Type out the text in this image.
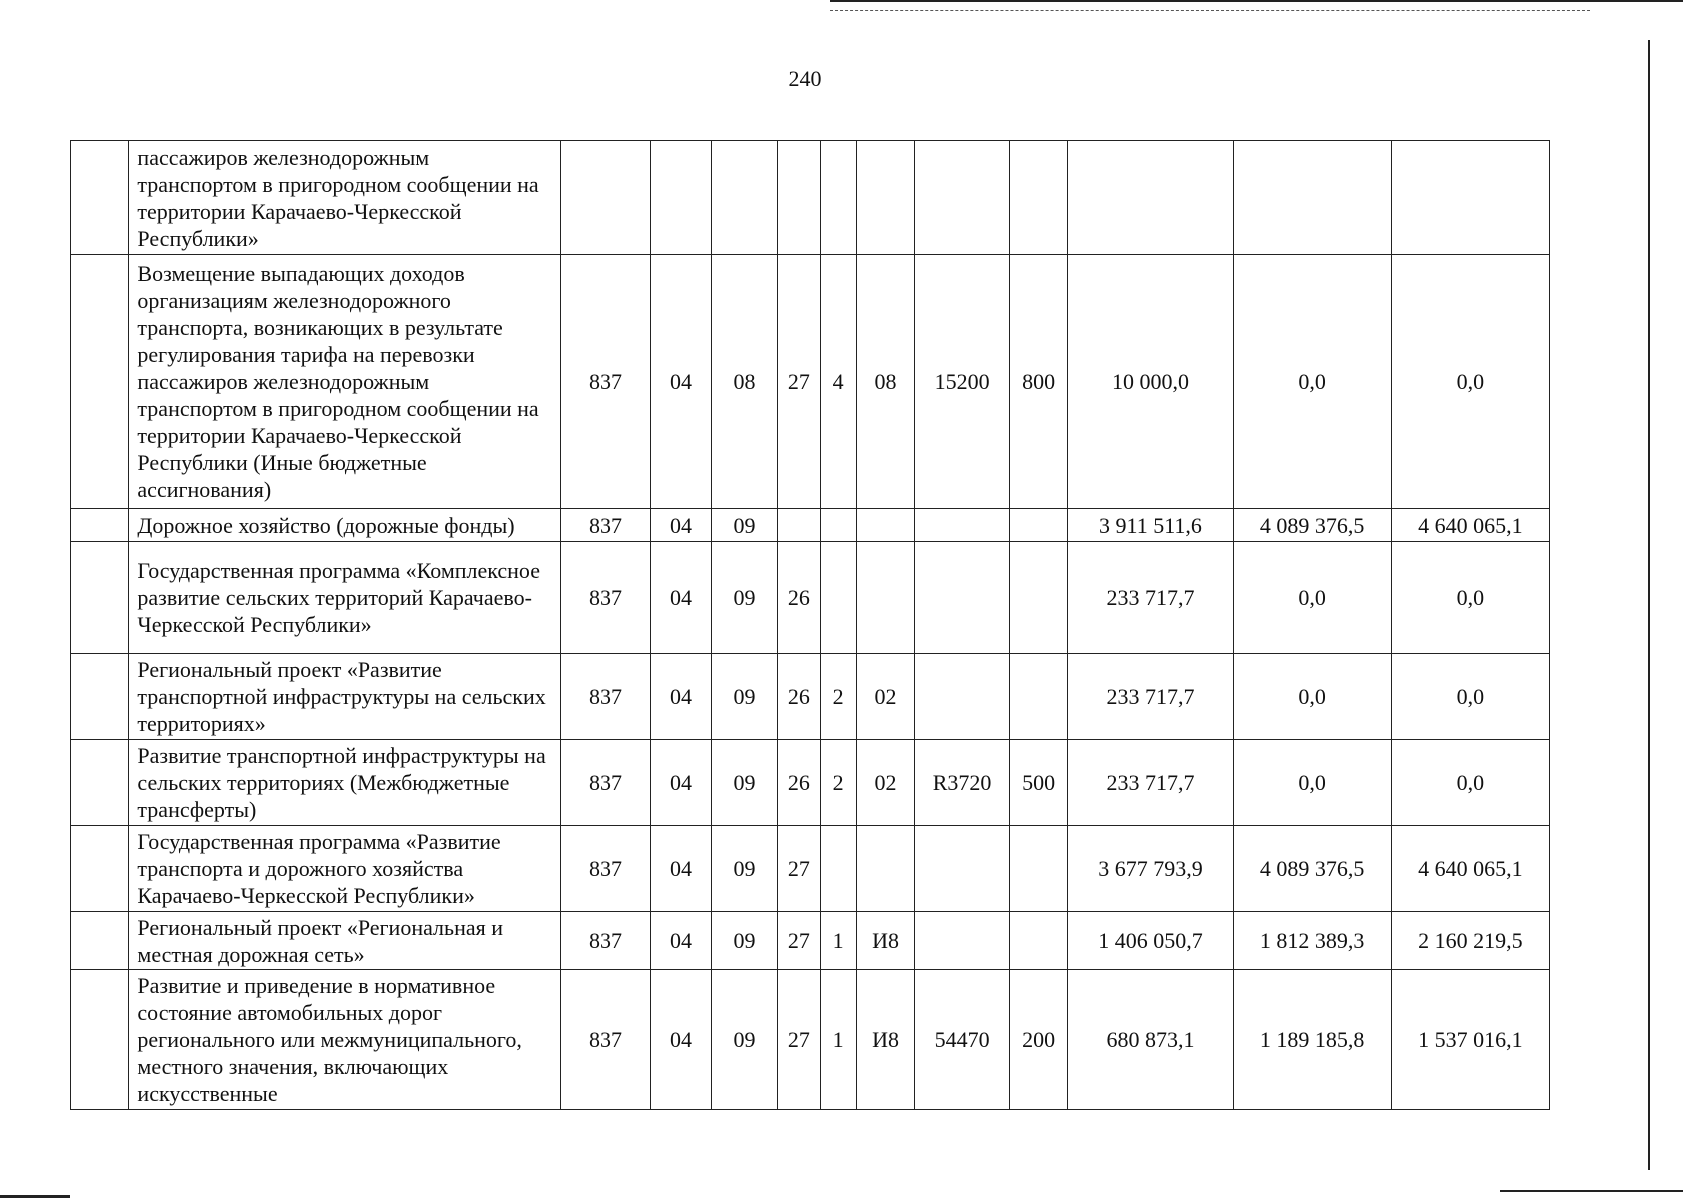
240
	пассажиров железнодорожным транспортом в пригородном сообщении на территории Карачаево-Черкесской Республики»											
	Возмещение выпадающих доходов организациям железнодорожного транспорта, возникающих в результате регулирования тарифа на перевозки пассажиров железнодорожным транспортом в пригородном сообщении на территории Карачаево-Черкесской Республики (Иные бюджетные ассигнования)	837	04	08	27	4	08	15200	800	10 000,0	0,0	0,0
	Дорожное хозяйство (дорожные фонды)	837	04	09						3 911 511,6	4 089 376,5	4 640 065,1
	Государственная программа «Комплексное развитие сельских территорий Карачаево-Черкесской Республики»	837	04	09	26					233 717,7	0,0	0,0
	Региональный проект «Развитие транспортной инфраструктуры на сельских территориях»	837	04	09	26	2	02			233 717,7	0,0	0,0
	Развитие транспортной инфраструктуры на сельских территориях (Межбюджетные трансферты)	837	04	09	26	2	02	R3720	500	233 717,7	0,0	0,0
	Государственная программа «Развитие транспорта и дорожного хозяйства Карачаево-Черкесской Республики»	837	04	09	27					3 677 793,9	4 089 376,5	4 640 065,1
	Региональный проект «Региональная и местная дорожная сеть»	837	04	09	27	1	И8			1 406 050,7	1 812 389,3	2 160 219,5
	Развитие и приведение в нормативное состояние автомобильных дорог регионального или межмуниципального, местного значения, включающих искусственные	837	04	09	27	1	И8	54470	200	680 873,1	1 189 185,8	1 537 016,1
